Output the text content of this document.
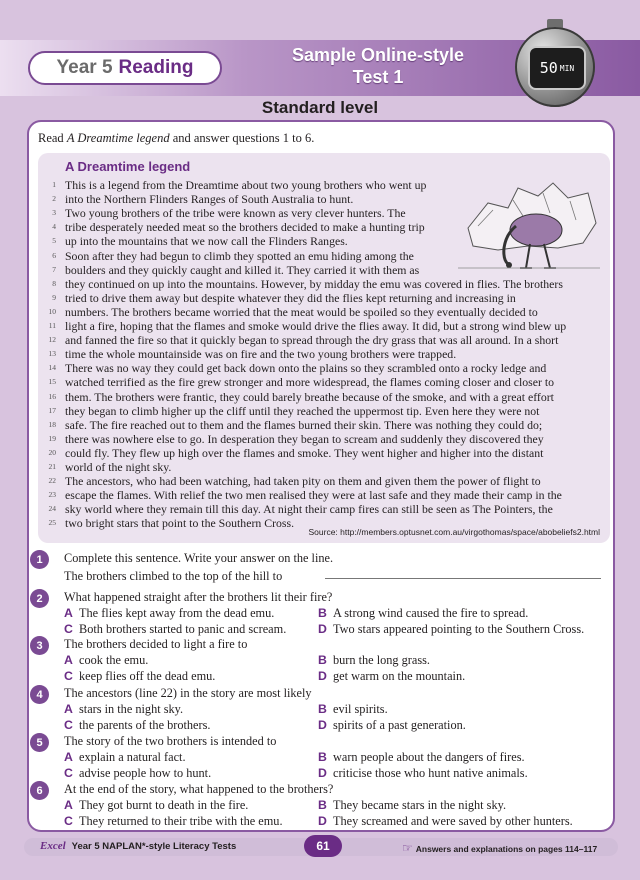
Year 5 Reading
Sample Online-style
Test 1	50 MIN
Standard level
Read A Dreamtime legend and answer questions 1 to 6.
A Dreamtime legend
1 This is a legend from the Dreamtime about two young brothers who went up
2 into the Northern Flinders Ranges of South Australia to hunt.
3 Two young brothers of the tribe were known as very clever hunters. The
4 tribe desperately needed meat so the brothers decided to make a hunting trip
5 up into the mountains that we now call the Flinders Ranges.
6 Soon after they had begun to climb they spotted an emu hiding among the
7 boulders and they quickly caught and killed it. They carried it with them as
8 they continued on up into the mountains. However, by midday the emu was covered in flies. The brothers
9 tried to drive them away but despite whatever they did the flies kept returning and increasing in
10 numbers. The brothers became worried that the meat would be spoiled so they eventually decided to
11 light a fire, hoping that the flames and smoke would drive the flies away. It did, but a strong wind blew up
12 and fanned the fire so that it quickly began to spread through the dry grass that was all around. In a short
13 time the whole mountainside was on fire and the two young brothers were trapped.
14 There was no way they could get back down onto the plains so they scrambled onto a rocky ledge and
15 watched terrified as the fire grew stronger and more widespread, the flames coming closer and closer to
16 them. The brothers were frantic, they could barely breathe because of the smoke, and with a great effort
17 they began to climb higher up the cliff until they reached the uppermost tip. Even here they were not
18 safe. The fire reached out to them and the flames burned their skin. There was nothing they could do;
19 there was nowhere else to go. In desperation they began to scream and suddenly they discovered they
20 could fly. They flew up high over the flames and smoke. They went higher and higher into the distant
21 world of the night sky.
22 The ancestors, who had been watching, had taken pity on them and given them the power of flight to
23 escape the flames. With relief the two men realised they were at last safe and they made their camp in the
24 sky world where they remain till this day. At night their camp fires can still be seen as The Pointers, the
25 two bright stars that point to the Southern Cross.
Source: http://members.optusnet.com.au/virgothomas/space/abobeliefs2.html
1	Complete this sentence. Write your answer on the line.
The brothers climbed to the top of the hill to
2	What happened straight after the brothers lit their fire?
A The flies kept away from the dead emu.	B A strong wind caused the fire to spread.
C Both brothers started to panic and scream.	D Two stars appeared pointing to the Southern Cross.
3	The brothers decided to light a fire to
A cook the emu.	B burn the long grass.
C keep flies off the dead emu.	D get warm on the mountain.
4	The ancestors (line 22) in the story are most likely
A stars in the night sky.	B evil spirits.
C the parents of the brothers.	D spirits of a past generation.
5	The story of the two brothers is intended to
A explain a natural fact.	B warn people about the dangers of fires.
C advise people how to hunt.	D criticise those who hunt native animals.
6	At the end of the story, what happened to the brothers?
A They got burnt to death in the fire.	B They became stars in the night sky.
C They returned to their tribe with the emu.	D They screamed and were saved by other hunters.
Excel Year 5 NAPLAN*-style Literacy Tests	61	☞ Answers and explanations on pages 114–117
